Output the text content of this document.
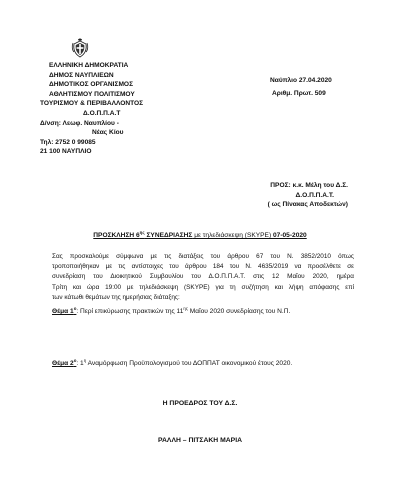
ΕΛΛΗΝΙΚΗ ΔΗΜΟΚΡΑΤΙΑ
ΔΗΜΟΣ ΝΑΥΠΛΙΕΩΝ
ΔΗΜΟΤΙΚΟΣ ΟΡΓΑΝΙΣΜΟΣ
ΑΘΛΗΤΙΣΜΟΥ ΠΟΛΙΤΙΣΜΟΥ
ΤΟΥΡΙΣΜΟΥ & ΠΕΡΙΒΑΛΛΟΝΤΟΣ
Δ.Ο.Π.Π.Α.Τ
Δ/νση: Λεωφ. Ναυπλίου -
Νέας Κίου
Τηλ: 2752 0 99085
21 100 ΝΑΥΠΛΙΟ
Ναύπλιο 27.04.2020
Αριθμ. Πρωτ. 509
ΠΡΟΣ: κ.κ. Μέλη του Δ.Σ.
Δ.Ο.Π.Π.Α.Τ.
( ως Πίνακας Αποδεκτών)
ΠΡΟΣΚΛΗΣΗ $6^{\eta\varsigma}$ ΣΥΝΕΔΡΙΑΣΗΣ με τηλεδιάσκεψη (SKYPE) 07-05-2020
Σας προσκαλούμε σύμφωνα με τις διατάξεις του άρθρου 67 του Ν. 3852/2010 όπως
τροποποιήθηκαν με τις αντίστοιχες του άρθρου 184 του Ν. 4635/2019 να προσέλθετε σε
συνεδρίαση του Διοικητικού Συμβουλίου του Δ.Ο.Π.Π.Α.Τ. στις 12 Μαΐου 2020, ημέρα
Τρίτη και ώρα 19:00 με τηλεδιάσκεψη (SKYPE) για τη συζήτηση και λήψη απόφασης επί
των κάτωθι θεμάτων της ημερήσιας διάταξης:
Θέμα $1^o$: Περί επικύρωσης πρακτικών της $11^{\eta\varsigma}$ Μαΐου 2020 συνεδρίασης του Ν.Π.
Θέμα $2^o$: $1^\eta$ Αναμόρφωση Προϋπολογισμού του ΔΟΠΠΑΤ οικονομικού έτους 2020.
Η ΠΡΟΕΔΡΟΣ ΤΟΥ Δ.Σ.
ΡΑΛΛΗ – ΠΙΤΣΑΚΗ ΜΑΡΙΑ
